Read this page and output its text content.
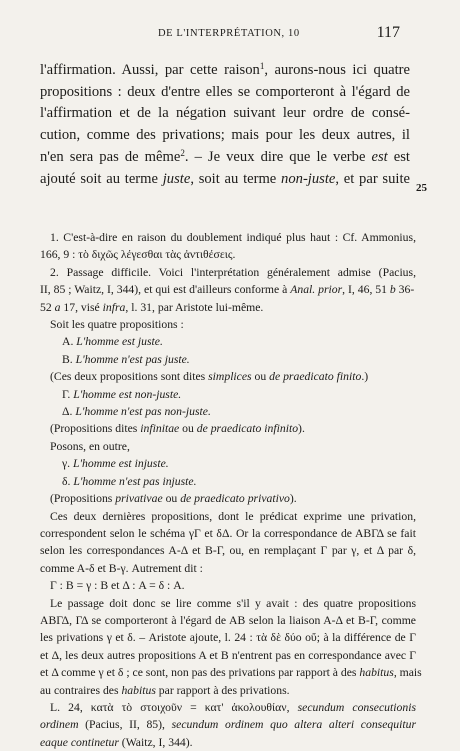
DE L'INTERPRÉTATION, 10	117
l'affirmation. Aussi, par cette raison$^1$, aurons-nous ici quatre
propositions : deux d'entre elles se comporteront à l'égard de
l'affirmation et de la négation suivant leur ordre de consé-
cution, comme des privations; mais pour les deux autres, il
n'en sera pas de même$^2$. – Je veux dire que le verbe est est
ajouté soit au terme juste, soit au terme non-juste, et par suite
25
1. C'est-à-dire en raison du doublement indiqué plus haut : Cf. Ammonius,
166, 9 : τὸ διχῶς λέγεσθαι τὰς ἀντιθέσεις.
2. Passage difficile. Voici l'interprétation généralement admise (Pacius,
II, 85 ; Waitz, I, 344), et qui est d'ailleurs conforme à Anal. prior, I, 46, 51 b 36-
52 a 17, visé infra, l. 31, par Aristote lui-même.
Soit les quatre propositions :
A. L'homme est juste.
B. L'homme n'est pas juste.
(Ces deux propositions sont dites simplices ou de praedicato finito.)
Γ. L'homme est non-juste.
Δ. L'homme n'est pas non-juste.
(Propositions dites infinitae ou de praedicato infinito).
Posons, en outre,
γ. L'homme est injuste.
δ. L'homme n'est pas injuste.
(Propositions privativae ou de praedicato privativo).
Ces deux dernières propositions, dont le prédicat exprime une privation,
correspondent selon le schéma γΓ et δΔ. Or la correspondance de ABΓΔ se fait
selon les correspondances A-Δ et B-Γ, ou, en remplaçant Γ par γ, et Δ par δ,
comme A-δ et B-γ. Autrement dit :
Γ : B = γ : B et Δ : A = δ : A.
Le passage doit donc se lire comme s'il y avait : des quatre propositions
ABΓΔ, ΓΔ se comporteront à l'égard de AB selon la liaison A-Δ et B-Γ, comme
les privations γ et δ. – Aristote ajoute, l. 24 : τὰ δὲ δύο οὔ; à la différence de Γ
et Δ, les deux autres propositions A et B n'entrent pas en correspondance avec Γ
et Δ comme γ et δ ; ce sont, non pas des privations par rapport à des habitus, mais
au contraires des habitus par rapport à des privations.
L. 24, κατὰ τὸ στοιχοῦν = κατ' ἀκολουθίαν, secundum consecutionis
ordinem (Pacius, II, 85), secundum ordinem quo altera alteri consequitur
eaque continetur (Waitz, I, 344).
